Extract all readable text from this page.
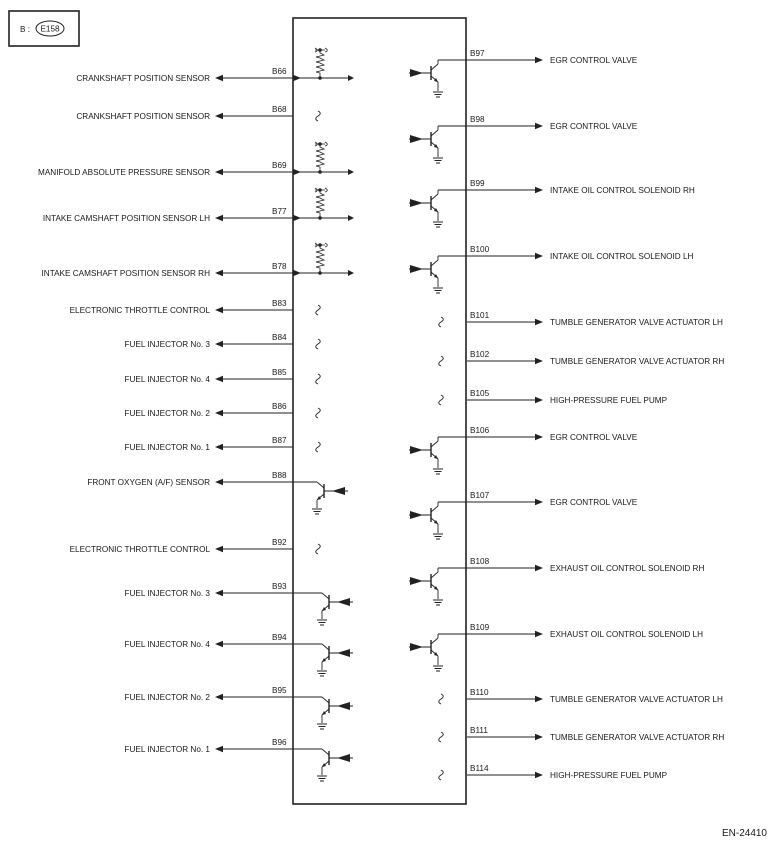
B : E158
CRANKSHAFT POSITION SENSOR
B66
CRANKSHAFT POSITION SENSOR
B68
MANIFOLD ABSOLUTE PRESSURE SENSOR
B69
INTAKE CAMSHAFT POSITION SENSOR LH
B77
INTAKE CAMSHAFT POSITION SENSOR RH
B78
ELECTRONIC THROTTLE CONTROL
B83
FUEL INJECTOR No. 3
B84
FUEL INJECTOR No. 4
B85
FUEL INJECTOR No. 2
B86
FUEL INJECTOR No. 1
B87
FRONT OXYGEN (A/F) SENSOR
B88
ELECTRONIC THROTTLE CONTROL
B92
FUEL INJECTOR No. 3
B93
FUEL INJECTOR No. 4
B94
FUEL INJECTOR No. 2
B95
FUEL INJECTOR No. 1
B96
EGR CONTROL VALVE
B97
EGR CONTROL VALVE
B98
INTAKE OIL CONTROL SOLENOID RH
B99
INTAKE OIL CONTROL SOLENOID LH
B100
TUMBLE GENERATOR VALVE ACTUATOR LH
B101
TUMBLE GENERATOR VALVE ACTUATOR RH
B102
HIGH-PRESSURE FUEL PUMP
B105
EGR CONTROL VALVE
B106
EGR CONTROL VALVE
B107
EXHAUST OIL CONTROL SOLENOID RH
B108
EXHAUST OIL CONTROL SOLENOID LH
B109
TUMBLE GENERATOR VALVE ACTUATOR LH
B110
TUMBLE GENERATOR VALVE ACTUATOR RH
B111
HIGH-PRESSURE FUEL PUMP
B114
EN-24410
